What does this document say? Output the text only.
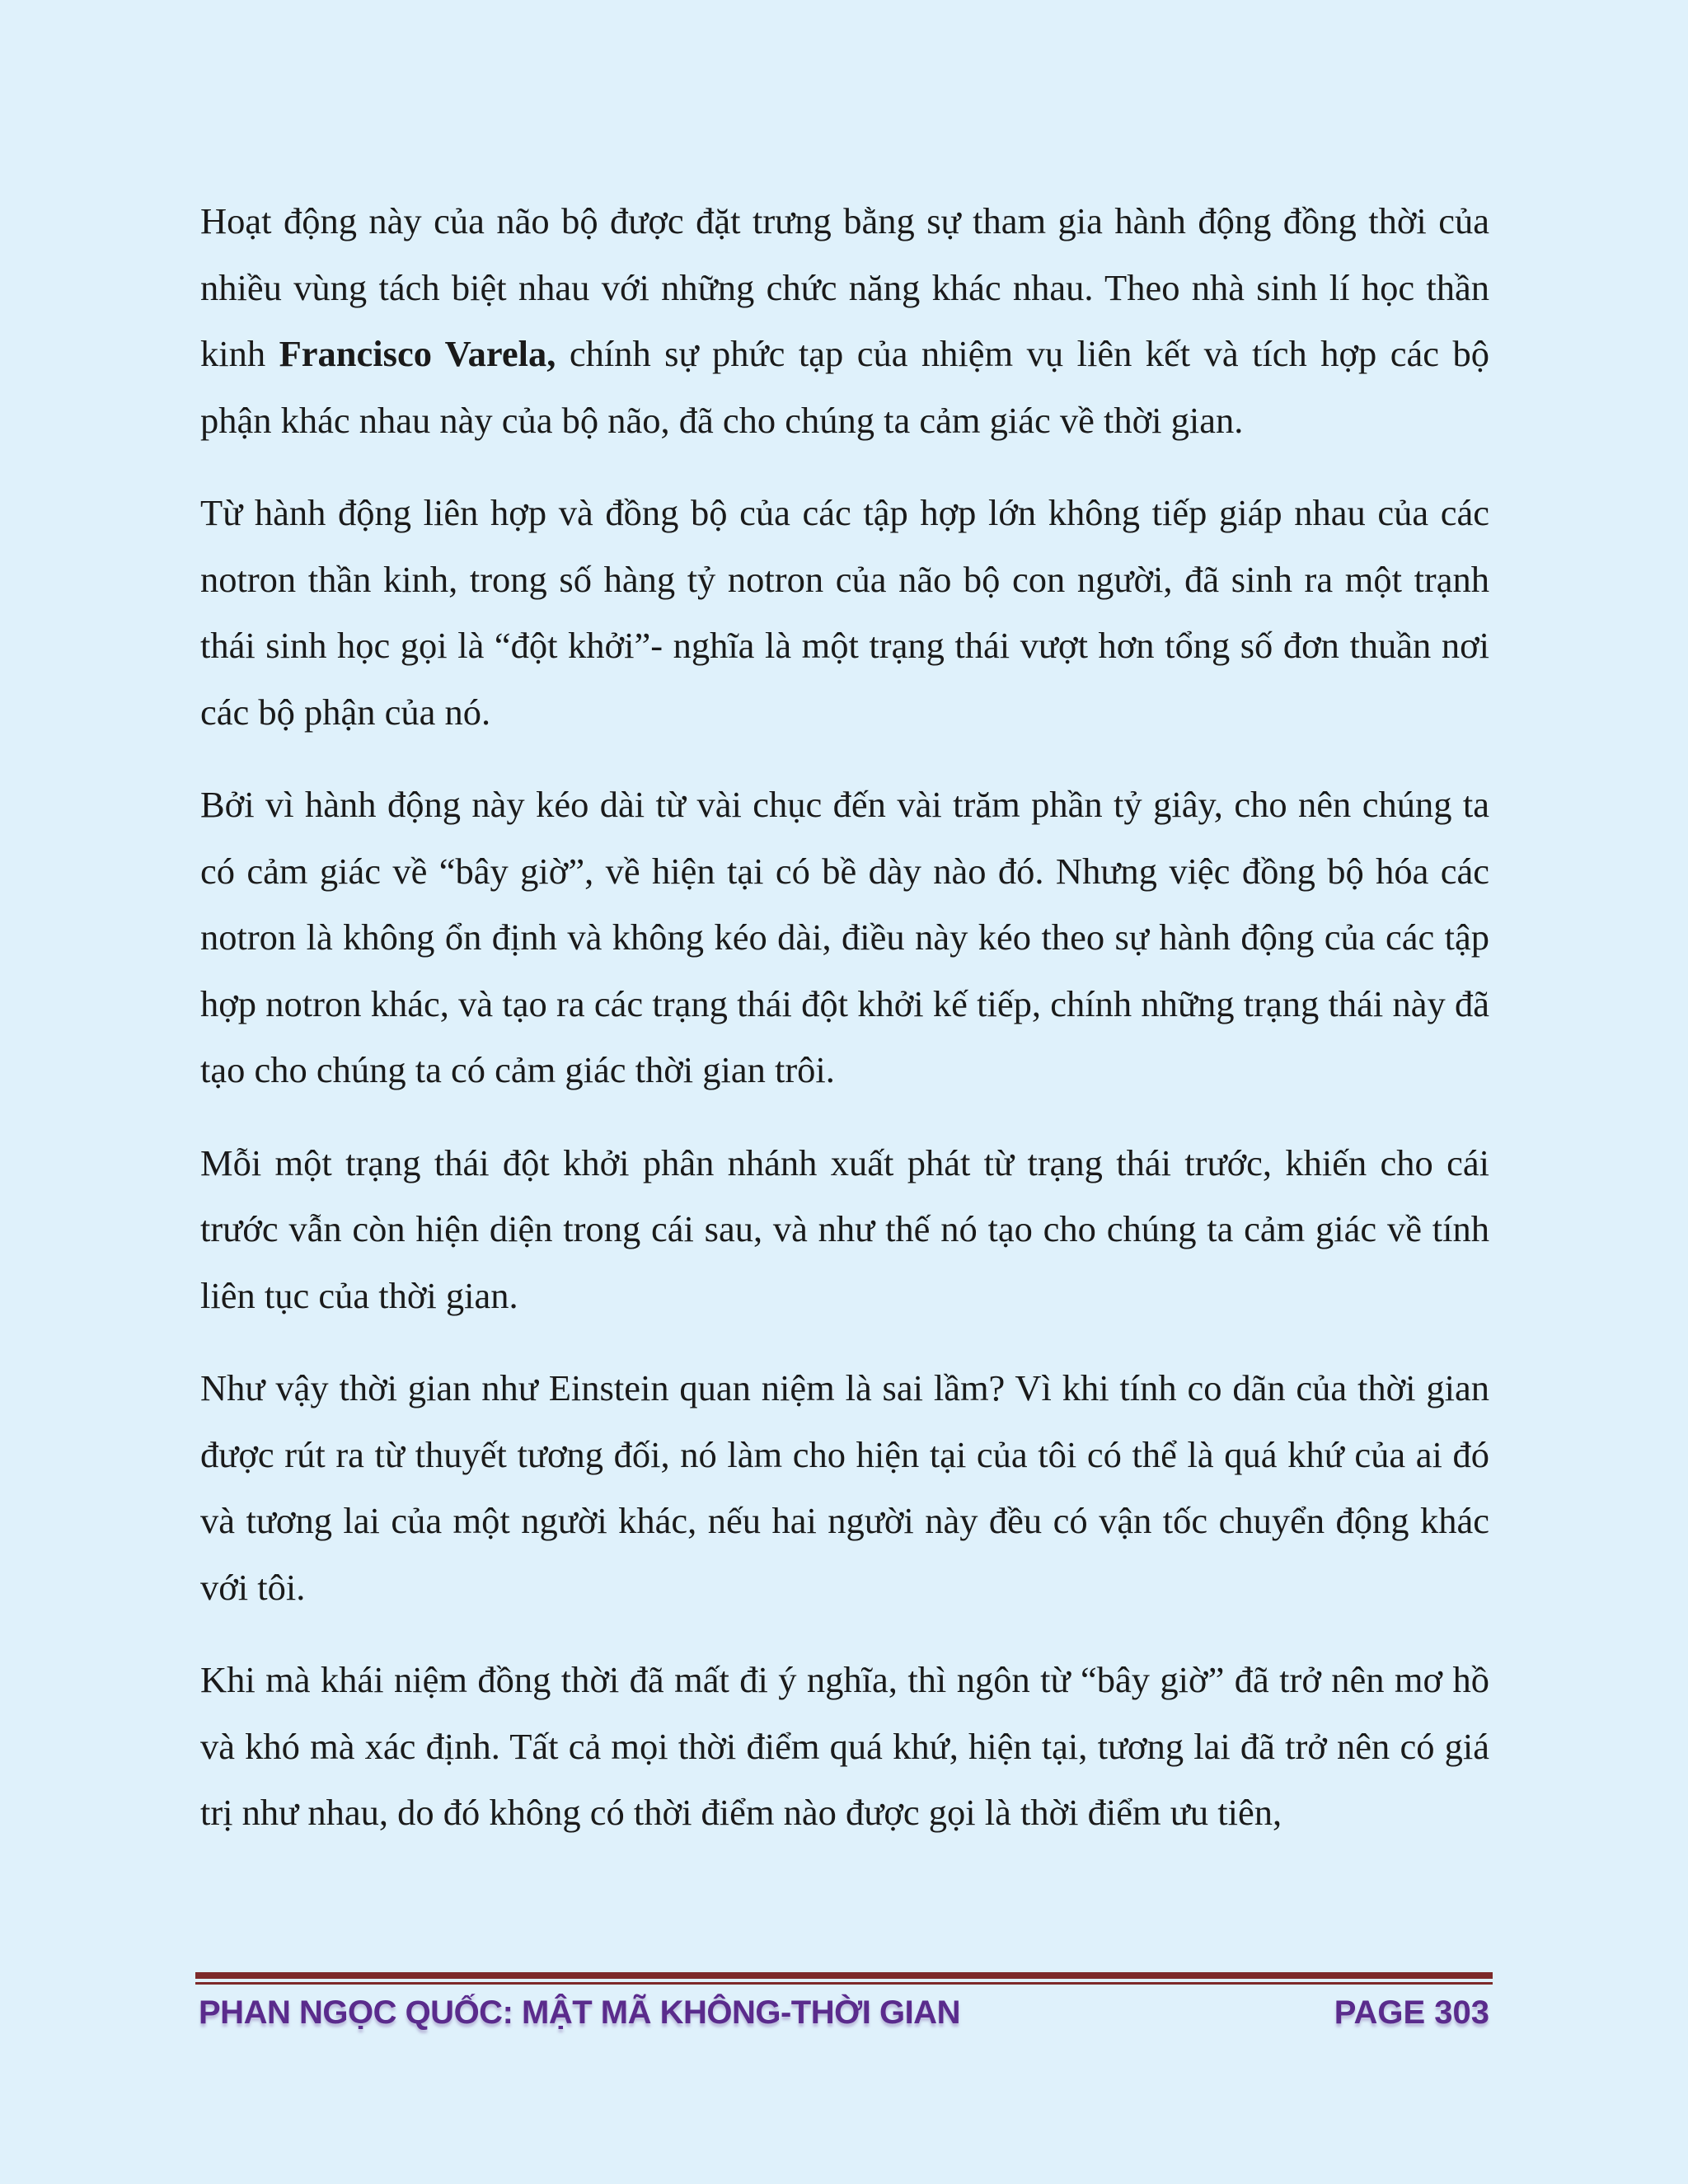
Hoạt động này của não bộ được đặt trưng bằng sự tham gia hành động đồng thời của nhiều vùng tách biệt nhau với những chức năng khác nhau. Theo nhà sinh lí học thần kinh Francisco Varela, chính sự phức tạp của nhiệm vụ liên kết và tích hợp các bộ phận khác nhau này của bộ não, đã cho chúng ta cảm giác về thời gian.

Từ hành động liên hợp và đồng bộ của các tập hợp lớn không tiếp giáp nhau của các notron thần kinh, trong số hàng tỷ notron của não bộ con người, đã sinh ra một trạnh thái sinh học gọi là “đột khởi”- nghĩa là một trạng thái vượt hơn tổng số đơn thuần nơi các bộ phận của nó.

Bởi vì hành động này kéo dài từ vài chục đến vài trăm phần tỷ giây, cho nên chúng ta có cảm giác về “bây giờ”, về hiện tại có bề dày nào đó. Nhưng việc đồng bộ hóa các notron là không ổn định và không kéo dài, điều này kéo theo sự hành động của các tập hợp notron khác, và tạo ra các trạng thái đột khởi kế tiếp, chính những trạng thái này đã tạo cho chúng ta có cảm giác thời gian trôi.

Mỗi một trạng thái đột khởi phân nhánh xuất phát từ trạng thái trước, khiến cho cái trước vẫn còn hiện diện trong cái sau, và như thế nó tạo cho chúng ta cảm giác về tính liên tục của thời gian.

Như vậy thời gian như Einstein quan niệm là sai lầm? Vì khi tính co dãn của thời gian được rút ra từ thuyết tương đối, nó làm cho hiện tại của tôi có thể là quá khứ của ai đó và tương lai của một người khác, nếu hai người này đều có vận tốc chuyển động khác với tôi.

Khi mà khái niệm đồng thời đã mất đi ý nghĩa, thì ngôn từ “bây giờ” đã trở nên mơ hồ và khó mà xác định. Tất cả mọi thời điểm quá khứ, hiện tại, tương lai đã trở nên có giá trị như nhau, do đó không có thời điểm nào được gọi là thời điểm ưu tiên,

PHAN NGỌC QUỐC: MẬT MÃ KHÔNG-THỜI GIAN	PAGE 303
